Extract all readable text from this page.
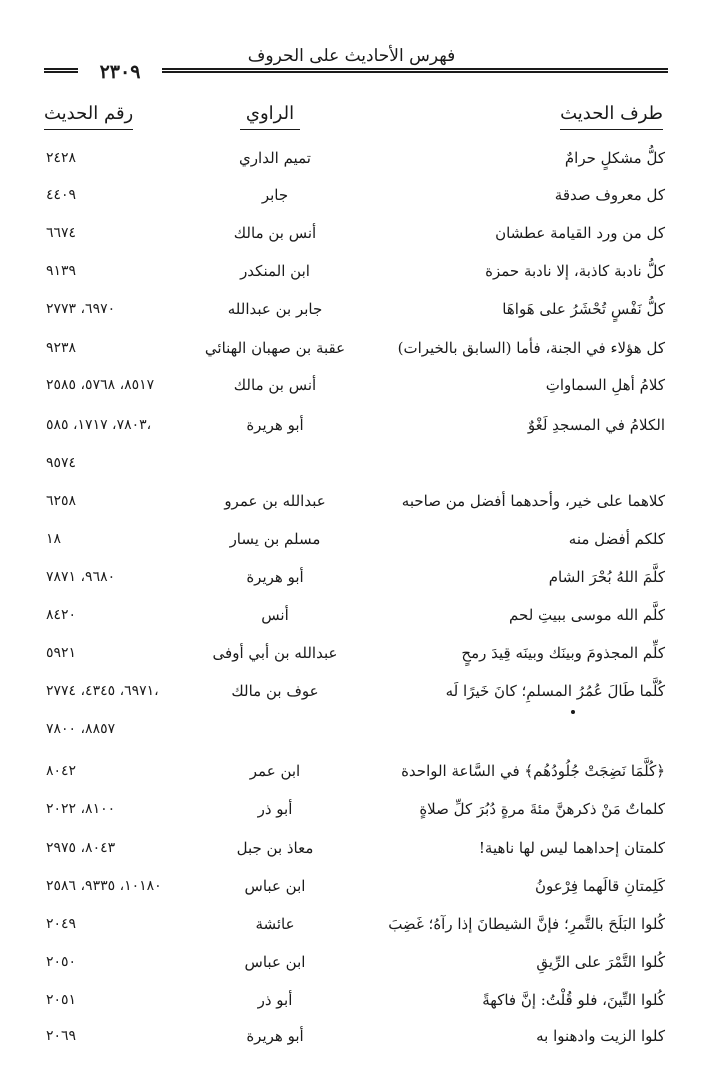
فهرس الأحاديث على الحروف
٢٣٠٩
طرف الحديث
الراوي
رقم الحديث
كلُّ مشكلٍ حرامٌ
تميم الداري
٢٤٢٨
كل معروف صدقة
جابر
٤٤٠٩
كل من ورد القيامة عطشان
أنس بن مالك
٦٦٧٤
كلُّ نادبة كاذبة، إلا نادبة حمزة
ابن المنكدر
٩١٣٩
كلُّ نَفْسٍ تُحْشَرُ على هَواهَا
جابر بن عبدالله
٦٩٧٠، ٢٧٧٣
كل هؤلاء في الجنة، فأما (السابق بالخيرات)
عقبة بن صهبان الهنائي
٩٢٣٨
كلامُ أهلِ السماواتِ
أنس بن مالك
٨٥١٧، ٥٧٦٨، ٢٥٨٥
الكلامُ في المسجدِ لَغْوٌ
أبو هريرة
٧٨٠٣، ١٧١٧، ٥٨٥،
٩٥٧٤
كلاهما على خير، وأحدهما أفضل من صاحبه
عبدالله بن عمرو
٦٢٥٨
كلكم أفضل منه
مسلم بن يسار
١٨
كلَّمَ اللهُ بُحْرَ الشام
أبو هريرة
٩٦٨٠، ٧٨٧١
كلَّم الله موسى ببيتِ لحم
أنس
٨٤٢٠
كلِّم المجذومَ وبينَك وبينَه قِيدَ رمحٍ
عبدالله بن أبي أوفى
٥٩٢١
كُلَّما طَالَ عُمُرُ المسلمِ؛ كانَ خَيرًا لَه
عوف بن مالك
٦٩٧١، ٤٣٤٥، ٢٧٧٤،
٨٨٥٧، ٧٨٠٠
﴿كُلَّمَا نَضِجَتْ جُلُودُهُم﴾ في السَّاعة الواحدة
ابن عمر
٨٠٤٢
كلماتٌ مَنْ ذكرهنَّ مئةَ مرةٍ دُبُرَ كلِّ صلاةٍ
أبو ذر
٨١٠٠، ٢٠٢٢
كلمتان إحداهما ليس لها ناهية!
معاذ بن جبل
٨٠٤٣، ٢٩٧٥
كَلِمتانِ قالَهما فِرْعونُ
ابن عباس
١٠١٨٠، ٩٣٣٥، ٢٥٨٦
كُلوا البَلَحَ بالتَّمرِ؛ فإنَّ الشيطانَ إذا رآهُ؛ غَضِبَ
عائشة
٢٠٤٩
كُلوا التَّمْرَ على الرِّيقِ
ابن عباس
٢٠٥٠
كُلوا التِّينَ، فلو قُلْتُ: إنَّ فاكهةً
أبو ذر
٢٠٥١
كلوا الزيت وادهنوا به
أبو هريرة
٢٠٦٩
